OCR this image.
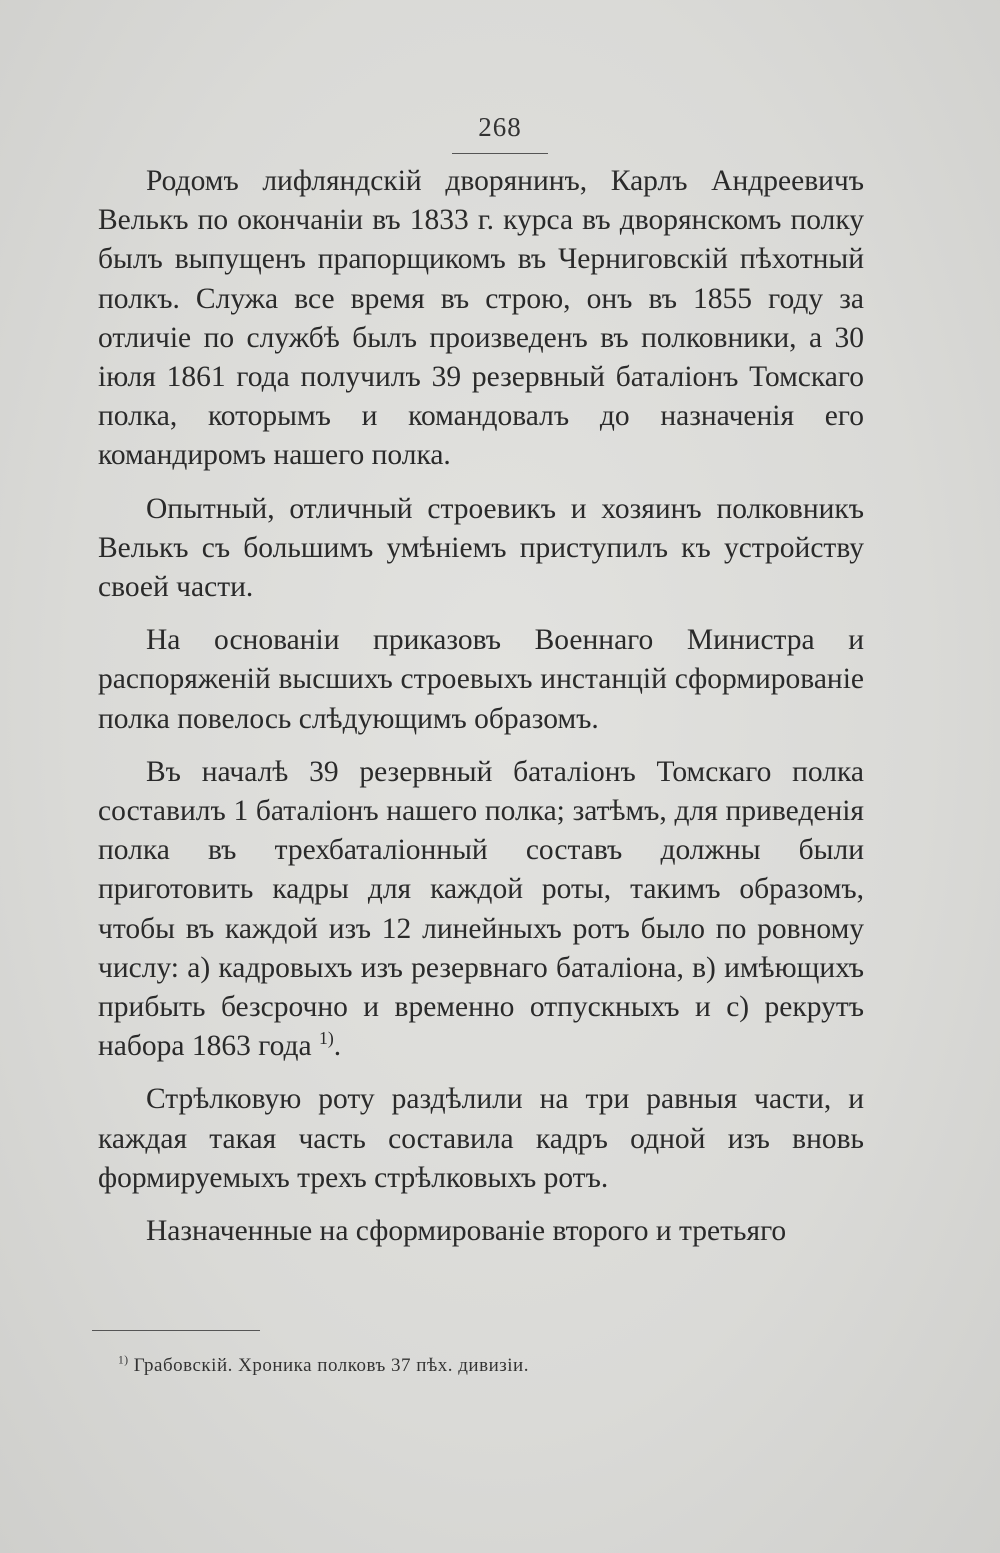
268

Родомъ лифляндскій дворянинъ, Карлъ Андреевичъ Велькъ по окончаніи въ 1833 г. курса въ дворянскомъ полку былъ выпущенъ прапорщикомъ въ Черниговскій пѣхотный полкъ. Служа все время въ строю, онъ въ 1855 году за отличіе по службѣ былъ произведенъ въ полковники, а 30 іюля 1861 года получилъ 39 резервный баталіонъ Томскаго полка, которымъ и командовалъ до назначенія его командиромъ нашего полка.

Опытный, отличный строевикъ и хозяинъ полковникъ Велькъ съ большимъ умѣніемъ приступилъ къ устройству своей части.

На основаніи приказовъ Военнаго Министра и распоряженій высшихъ строевыхъ инстанцій сформированіе полка повелось слѣдующимъ образомъ.

Въ началѣ 39 резервный баталіонъ Томскаго полка составилъ 1 баталіонъ нашего полка; затѣмъ, для приведенія полка въ трехбаталіонный составъ должны были приготовить кадры для каждой роты, такимъ образомъ, чтобы въ каждой изъ 12 линейныхъ ротъ было по ровному числу: а) кадровыхъ изъ резервнаго баталіона, в) имѣющихъ прибыть безсрочно и временно отпускныхъ и с) рекрутъ набора 1863 года $^{1)}$.

Стрѣлковую роту раздѣлили на три равныя части, и каждая такая часть составила кадръ одной изъ вновь формируемыхъ трехъ стрѣлковыхъ ротъ.

Назначенные на сформированіе второго и третьяго

$^{1)}$ Грабовскій. Хроника полковъ 37 пѣх. дивизіи.
